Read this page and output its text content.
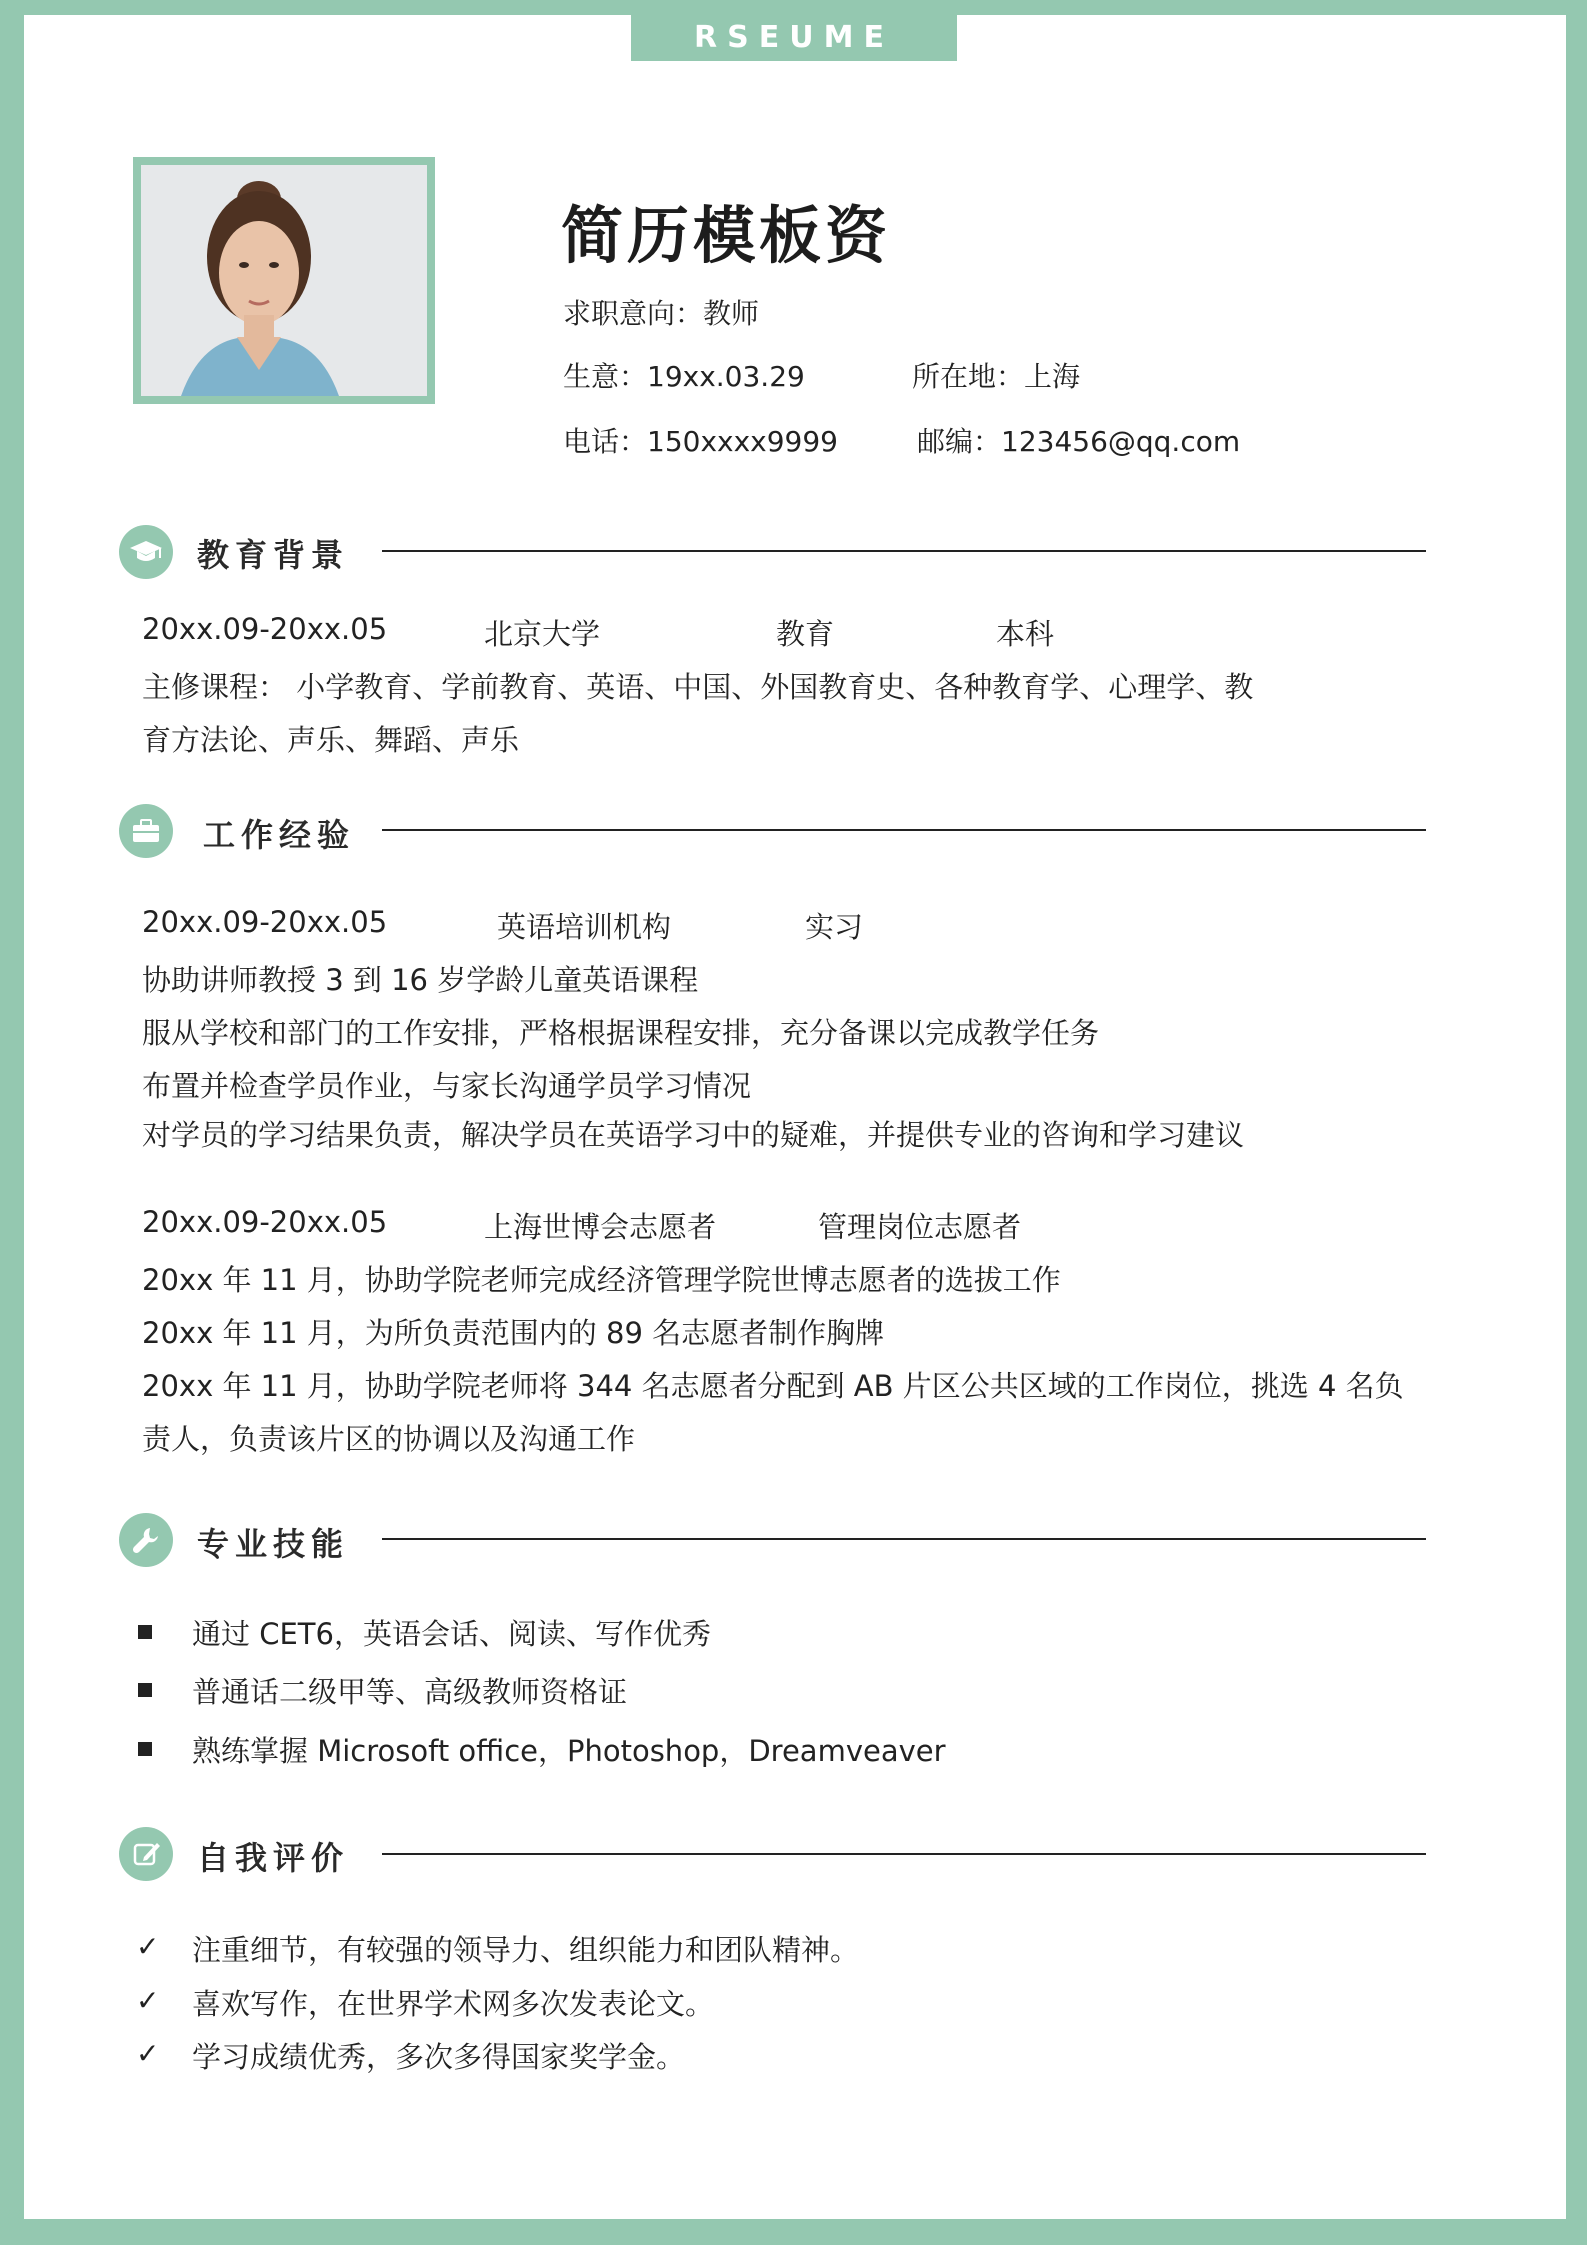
RSEUME
简历模板资
求职意向：教师
生意：19xx.03.29	所在地：上海
电话：150xxxx9999	邮编：123456@qq.com
教育背景
20xx.09-20xx.05	北京大学	教育	本科
主修课程： 小学教育、学前教育、英语、中国、外国教育史、各种教育学、心理学、教
育方法论、声乐、舞蹈、声乐
工作经验
20xx.09-20xx.05	英语培训机构	实习
协助讲师教授 3 到 16 岁学龄儿童英语课程
服从学校和部门的工作安排，严格根据课程安排，充分备课以完成教学任务
布置并检查学员作业，与家长沟通学员学习情况
对学员的学习结果负责，解决学员在英语学习中的疑难，并提供专业的咨询和学习建议
20xx.09-20xx.05	上海世博会志愿者	管理岗位志愿者
20xx 年 11 月，协助学院老师完成经济管理学院世博志愿者的选拔工作
20xx 年 11 月，为所负责范围内的 89 名志愿者制作胸牌
20xx 年 11 月，协助学院老师将 344 名志愿者分配到 AB 片区公共区域的工作岗位，挑选 4 名负
责人，负责该片区的协调以及沟通工作
专业技能
通过 CET6，英语会话、阅读、写作优秀
普通话二级甲等、高级教师资格证
熟练掌握 Microsoft office，Photoshop，Dreamveaver
自我评价
✓ 注重细节，有较强的领导力、组织能力和团队精神。
✓ 喜欢写作，在世界学术网多次发表论文。
✓ 学习成绩优秀，多次多得国家奖学金。
